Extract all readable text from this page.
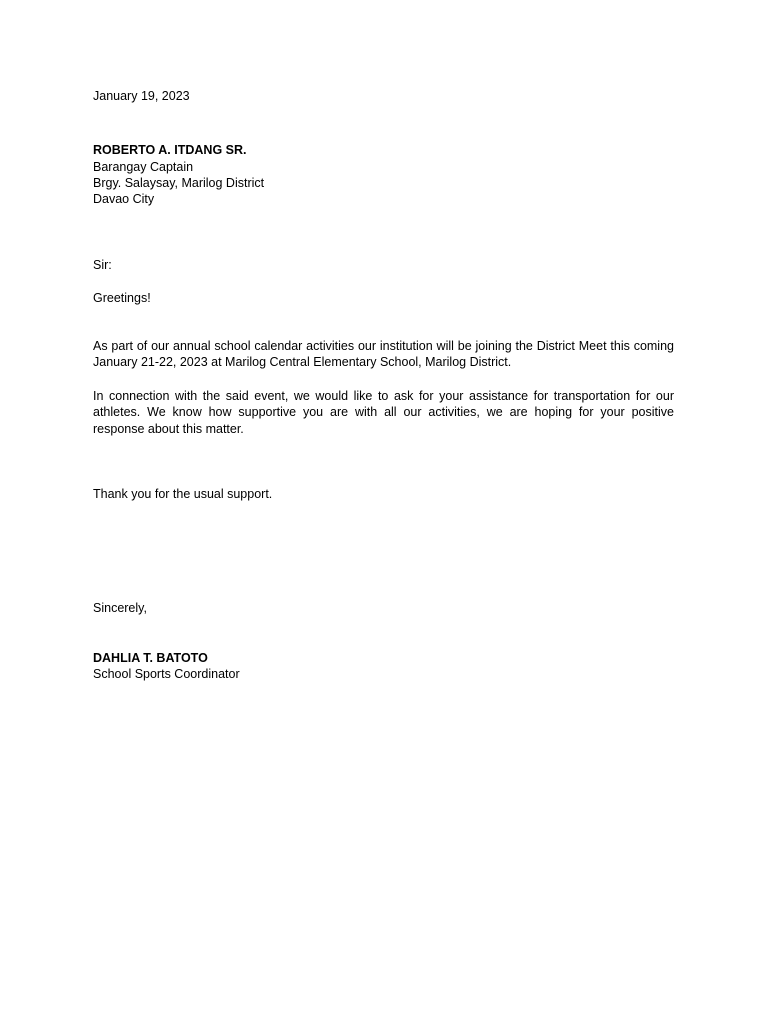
January 19, 2023
ROBERTO A. ITDANG SR.
Barangay Captain
Brgy. Salaysay, Marilog District
Davao City
Sir:
Greetings!
As part of our annual school calendar activities our institution will be joining the District Meet this coming January 21-22, 2023 at Marilog Central Elementary School, Marilog District.
In connection with the said event, we would like to ask for your assistance for transportation for our athletes. We know how supportive you are with all our activities, we are hoping for your positive response about this matter.
Thank you for the usual support.
Sincerely,
DAHLIA T. BATOTO
School Sports Coordinator
